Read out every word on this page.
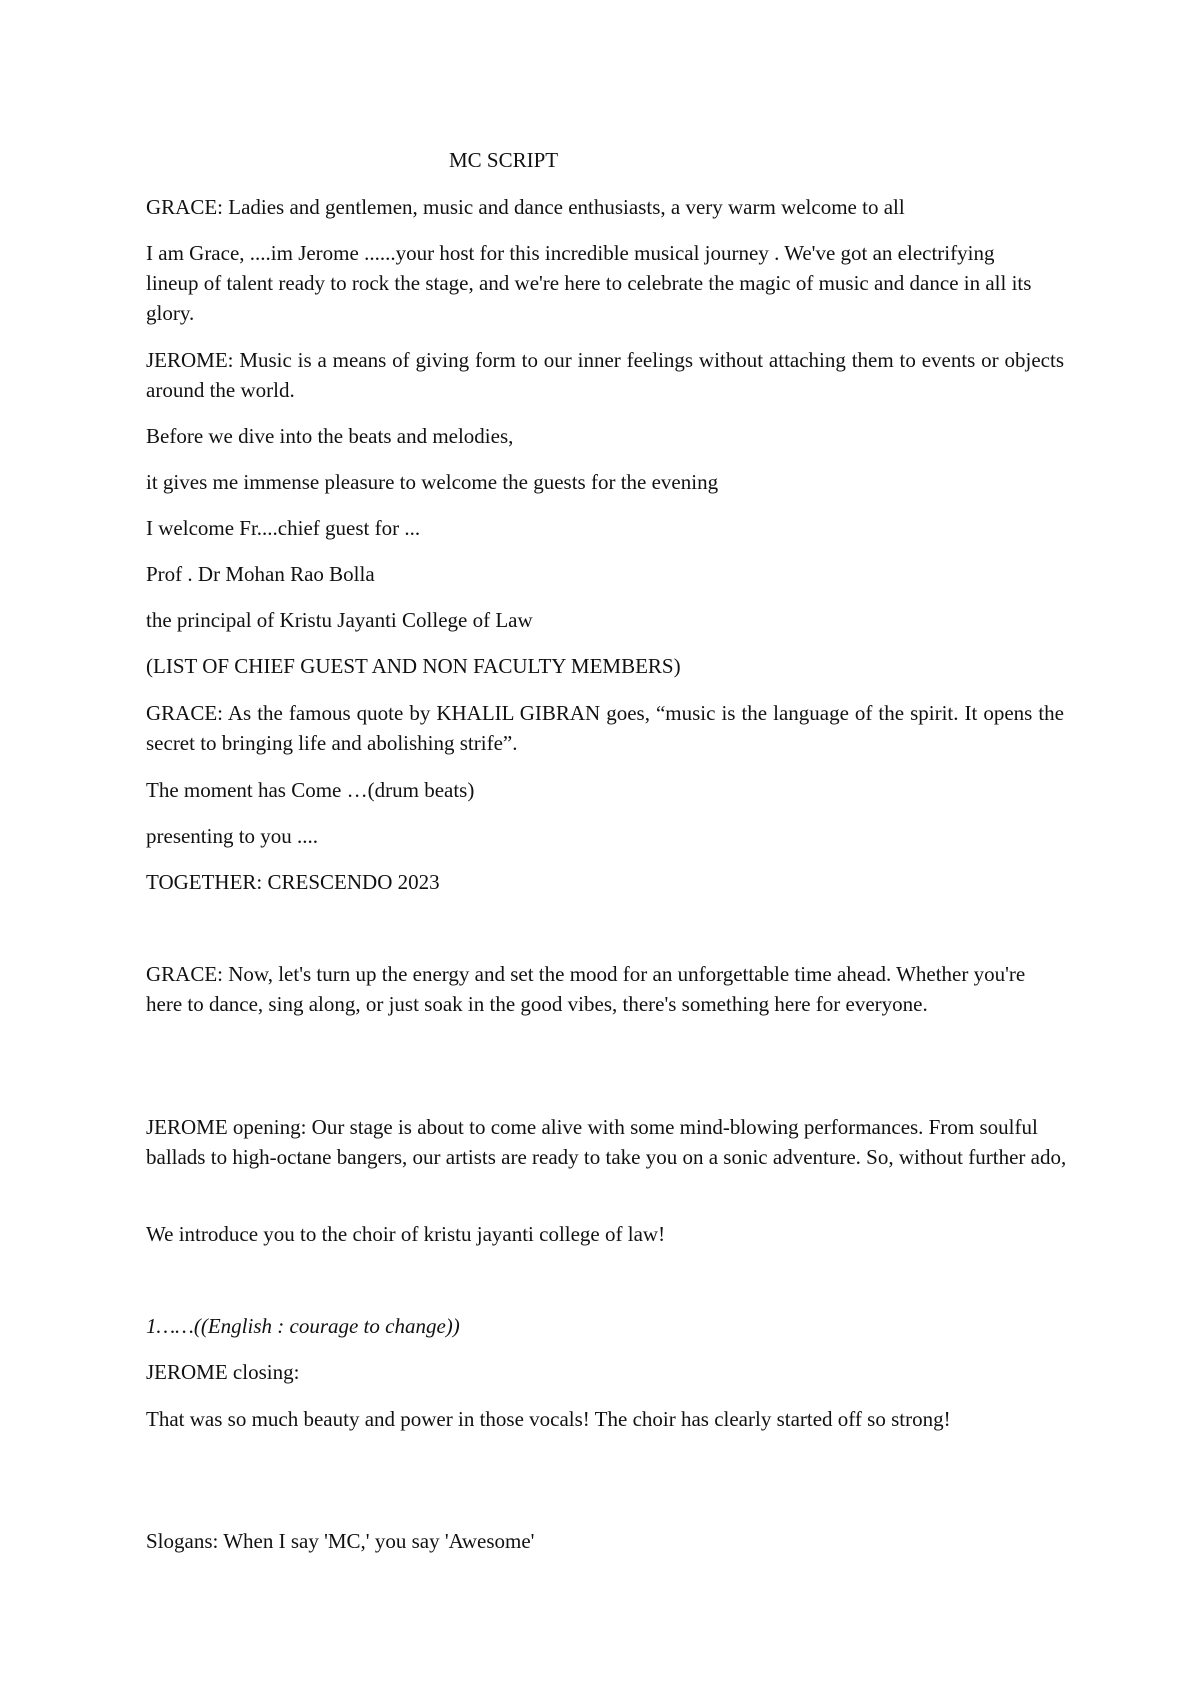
MC SCRIPT

GRACE: Ladies and gentlemen, music and dance enthusiasts, a very warm welcome to all

I am Grace, ....im Jerome ......your host for this incredible musical journey . We've got an electrifying lineup of talent ready to rock the stage, and we're here to celebrate the magic of music and dance in all its glory.

JEROME: Music is a means of giving form to our inner feelings without attaching them to events or objects around the world.

Before we dive into the beats and melodies,

it gives me immense pleasure to welcome the guests for the evening

I welcome Fr....chief guest for ...

Prof . Dr Mohan Rao Bolla

the principal of Kristu Jayanti College of Law

(LIST OF CHIEF GUEST AND NON FACULTY MEMBERS)

GRACE: As the famous quote by KHALIL GIBRAN goes, “music is the language of the spirit. It opens the secret to bringing life and abolishing strife”.

The moment has Come …(drum beats)

presenting to you ....

TOGETHER: CRESCENDO 2023

GRACE: Now, let's turn up the energy and set the mood for an unforgettable time ahead. Whether you're here to dance, sing along, or just soak in the good vibes, there's something here for everyone.

JEROME opening: Our stage is about to come alive with some mind-blowing performances. From soulful ballads to high-octane bangers, our artists are ready to take you on a sonic adventure. So, without further ado,

We introduce you to the choir of kristu jayanti college of law!

1……((English : courage to change))

JEROME closing:

That was so much beauty and power in those vocals! The choir has clearly started off so strong!

Slogans: When I say 'MC,' you say 'Awesome'
